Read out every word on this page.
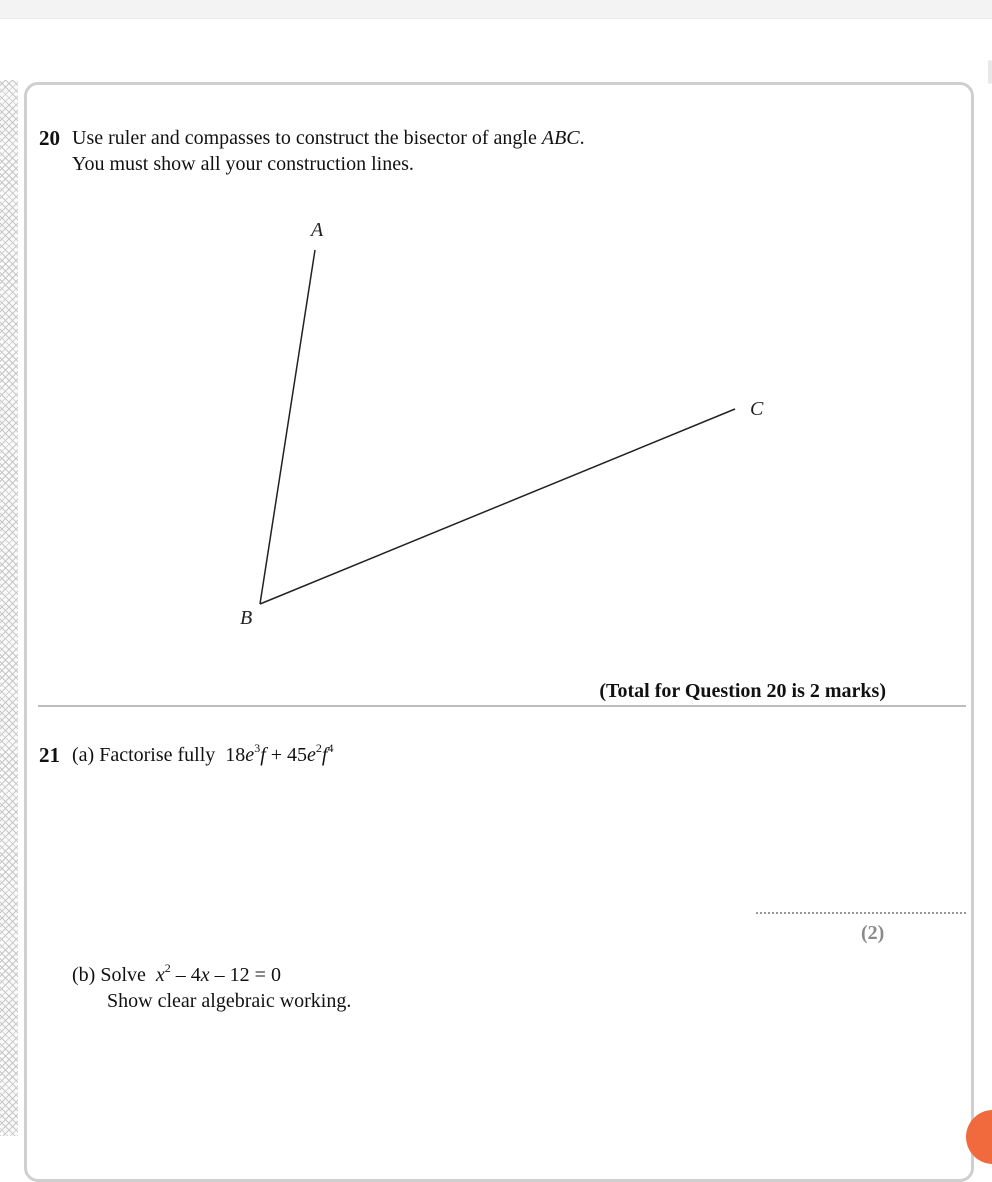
20 Use ruler and compasses to construct the bisector of angle ABC.
You must show all your construction lines.
A
B
C
(Total for Question 20 is 2 marks)
21 (a) Factorise fully $18e^3f + 45e^2f^4$
(2)
(b) Solve $x^2 - 4x - 12 = 0$
Show clear algebraic working.
